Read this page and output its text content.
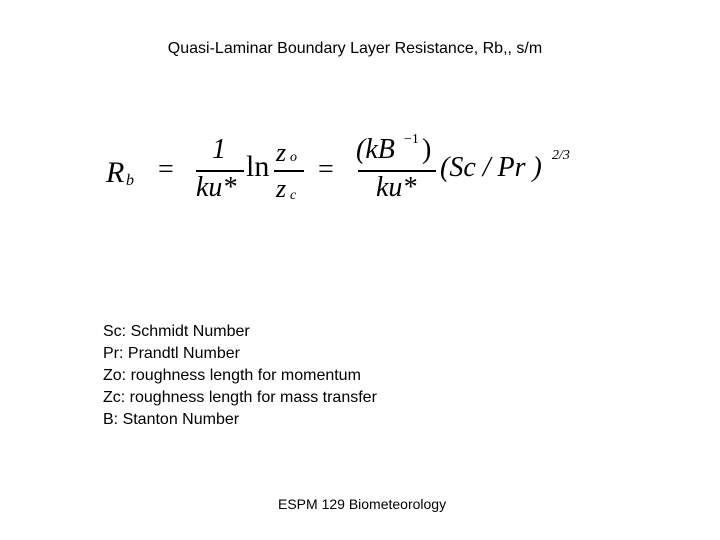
Quasi-Laminar Boundary Layer Resistance, Rb,, s/m
R b =
1
ku*
ln z o
z c
=
(kB −1 )
ku*
(Sc / Pr ) 2/3
Sc: Schmidt Number
Pr: Prandtl Number
Zo: roughness length for momentum
Zc: roughness length for mass transfer
B: Stanton Number
ESPM 129 Biometeorology
